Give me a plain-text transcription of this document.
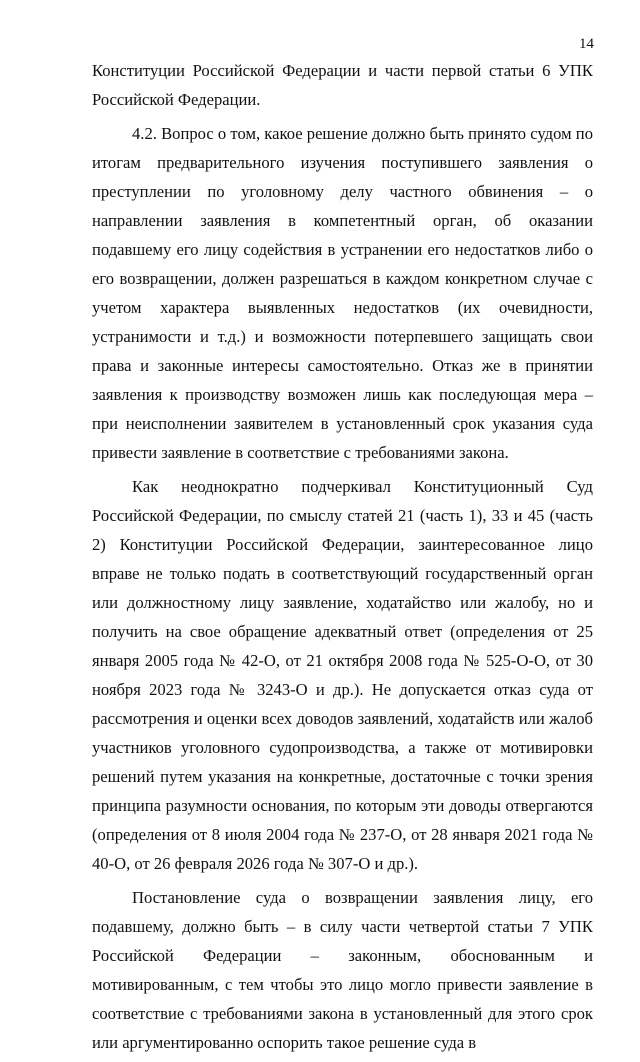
14

Конституции Российской Федерации и части первой статьи 6 УПК Российской Федерации.

4.2. Вопрос о том, какое решение должно быть принято судом по итогам предварительного изучения поступившего заявления о преступлении по уголовному делу частного обвинения – о направлении заявления в компетентный орган, об оказании подавшему его лицу содействия в устранении его недостатков либо о его возвращении, должен разрешаться в каждом конкретном случае с учетом характера выявленных недостатков (их очевидности, устранимости и т.д.) и возможности потерпевшего защищать свои права и законные интересы самостоятельно. Отказ же в принятии заявления к производству возможен лишь как последующая мера – при неисполнении заявителем в установленный срок указания суда привести заявление в соответствие с требованиями закона.

Как неоднократно подчеркивал Конституционный Суд Российской Федерации, по смыслу статей 21 (часть 1), 33 и 45 (часть 2) Конституции Российской Федерации, заинтересованное лицо вправе не только подать в соответствующий государственный орган или должностному лицу заявление, ходатайство или жалобу, но и получить на свое обращение адекватный ответ (определения от 25 января 2005 года № 42-О, от 21 октября 2008 года № 525-О-О, от 30 ноября 2023 года № 3243-О и др.). Не допускается отказ суда от рассмотрения и оценки всех доводов заявлений, ходатайств или жалоб участников уголовного судопроизводства, а также от мотивировки решений путем указания на конкретные, достаточные с точки зрения принципа разумности основания, по которым эти доводы отвергаются (определения от 8 июля 2004 года № 237-О, от 28 января 2021 года № 40-О, от 26 февраля 2026 года № 307-О и др.).

Постановление суда о возвращении заявления лицу, его подавшему, должно быть – в силу части четвертой статьи 7 УПК Российской Федерации – законным, обоснованным и мотивированным, с тем чтобы это лицо могло привести заявление в соответствие с требованиями закона в установленный для этого срок или аргументированно оспорить такое решение суда в
